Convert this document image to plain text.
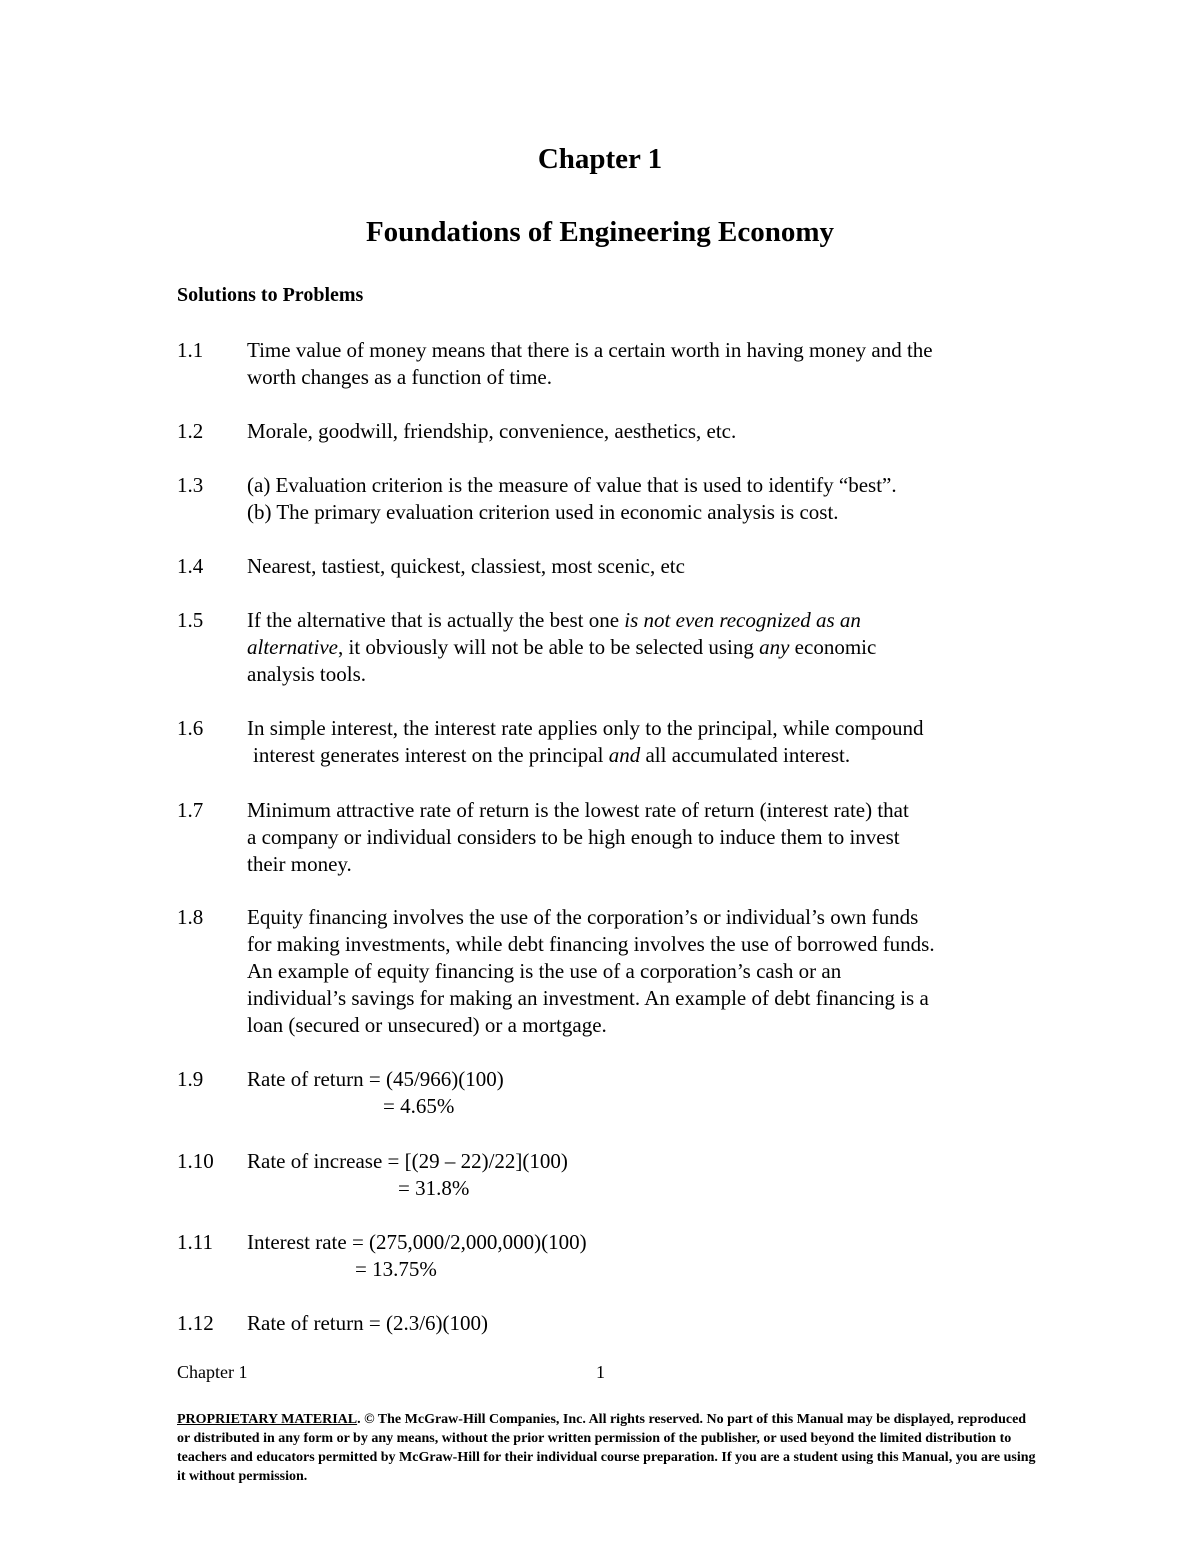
Chapter 1
Foundations of Engineering Economy
Solutions to Problems
1.1 Time value of money means that there is a certain worth in having money and the
worth changes as a function of time.
1.2 Morale, goodwill, friendship, convenience, aesthetics, etc.
1.3 (a) Evaluation criterion is the measure of value that is used to identify “best”.
(b) The primary evaluation criterion used in economic analysis is cost.
1.4 Nearest, tastiest, quickest, classiest, most scenic, etc
1.5 If the alternative that is actually the best one is not even recognized as an
alternative, it obviously will not be able to be selected using any economic
analysis tools.
1.6 In simple interest, the interest rate applies only to the principal, while compound
interest generates interest on the principal and all accumulated interest.
1.7 Minimum attractive rate of return is the lowest rate of return (interest rate) that
a company or individual considers to be high enough to induce them to invest
their money.
1.8 Equity financing involves the use of the corporation’s or individual’s own funds
for making investments, while debt financing involves the use of borrowed funds.
An example of equity financing is the use of a corporation’s cash or an
individual’s savings for making an investment. An example of debt financing is a
loan (secured or unsecured) or a mortgage.
1.9 Rate of return = (45/966)(100)
= 4.65%
1.10 Rate of increase = [(29 – 22)/22](100)
= 31.8%
1.11 Interest rate = (275,000/2,000,000)(100)
= 13.75%
1.12 Rate of return = (2.3/6)(100)
Chapter 1	1
PROPRIETARY MATERIAL. © The McGraw-Hill Companies, Inc. All rights reserved. No part of this Manual may be displayed, reproduced or distributed in any form or by any means, without the prior written permission of the publisher, or used beyond the limited distribution to teachers and educators permitted by McGraw-Hill for their individual course preparation. If you are a student using this Manual, you are using it without permission.
